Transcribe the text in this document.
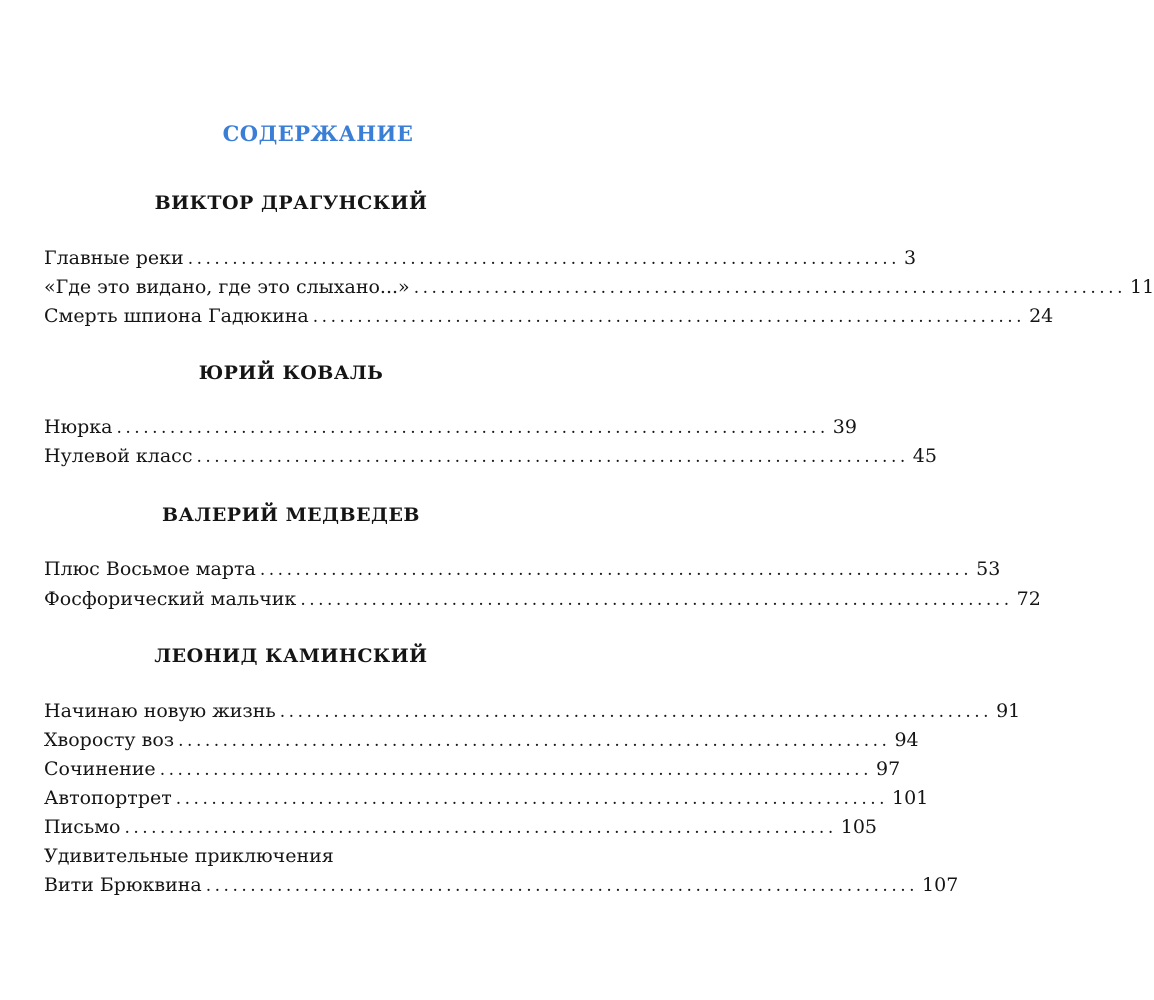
СОДЕРЖАНИЕ
ВИКТОР ДРАГУНСКИЙ
Главные реки ................................................................................ 3
«Где это видано, где это слыхано...» ................................................................................ 11
Смерть шпиона Гадюкина ................................................................................ 24
ЮРИЙ КОВАЛЬ
Нюрка ................................................................................ 39
Нулевой класс ................................................................................ 45
ВАЛЕРИЙ МЕДВЕДЕВ
Плюс Восьмое марта ................................................................................ 53
Фосфорический мальчик ................................................................................ 72
ЛЕОНИД КАМИНСКИЙ
Начинаю новую жизнь ................................................................................ 91
Хворосту воз ................................................................................ 94
Сочинение ................................................................................ 97
Автопортрет ................................................................................ 101
Письмо ................................................................................ 105
Удивительные приключения
Вити Брюквина ................................................................................ 107
